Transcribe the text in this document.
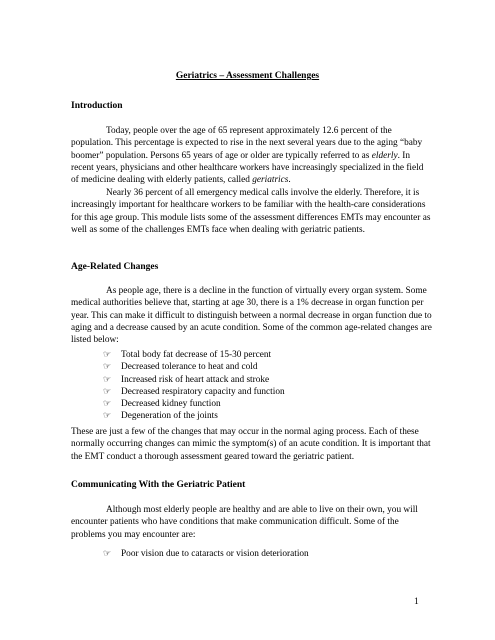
Geriatrics – Assessment Challenges
Introduction

Today, people over the age of 65 represent approximately 12.6 percent of the population. This percentage is expected to rise in the next several years due to the aging “baby boomer” population. Persons 65 years of age or older are typically referred to as elderly. In recent years, physicians and other healthcare workers have increasingly specialized in the field of medicine dealing with elderly patients, called geriatrics.

Nearly 36 percent of all emergency medical calls involve the elderly. Therefore, it is increasingly important for healthcare workers to be familiar with the health-care considerations for this age group. This module lists some of the assessment differences EMTs may encounter as well as some of the challenges EMTs face when dealing with geriatric patients.

Age-Related Changes

As people age, there is a decline in the function of virtually every organ system. Some medical authorities believe that, starting at age 30, there is a 1% decrease in organ function per year. This can make it difficult to distinguish between a normal decrease in organ function due to aging and a decrease caused by an acute condition. Some of the common age-related changes are listed below:

☞ Total body fat decrease of 15-30 percent
☞ Decreased tolerance to heat and cold
☞ Increased risk of heart attack and stroke
☞ Decreased respiratory capacity and function
☞ Decreased kidney function
☞ Degeneration of the joints

These are just a few of the changes that may occur in the normal aging process. Each of these normally occurring changes can mimic the symptom(s) of an acute condition. It is important that the EMT conduct a thorough assessment geared toward the geriatric patient.

Communicating With the Geriatric Patient

Although most elderly people are healthy and are able to live on their own, you will encounter patients who have conditions that make communication difficult. Some of the problems you may encounter are:

☞ Poor vision due to cataracts or vision deterioration
1
